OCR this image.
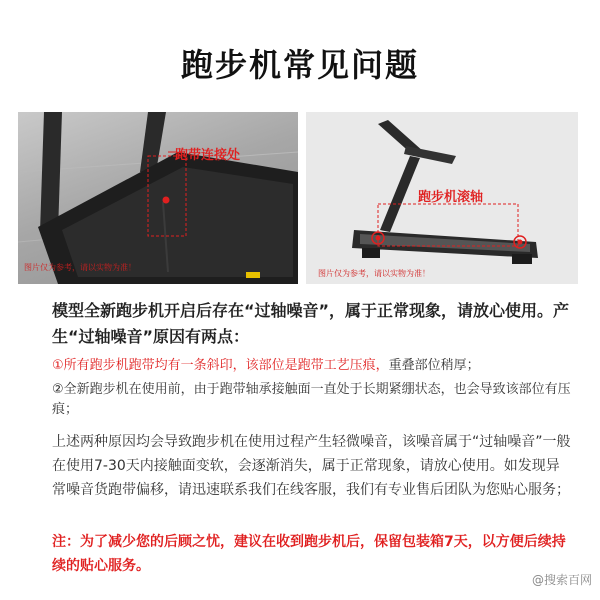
跑步机常见问题
跑带连接处
图片仅为参考，请以实物为准！
跑步机滚轴
图片仅为参考，请以实物为准！
模型全新跑步机开启后存在“过轴噪音”，属于正常现象，请放心使用。产生“过轴噪音”原因有两点：
①所有跑步机跑带均有一条斜印，该部位是跑带工艺压痕，重叠部位稍厚；
②全新跑步机在使用前，由于跑带轴承接触面一直处于长期紧绷状态，也会导致该部位有压痕；
上述两种原因均会导致跑步机在使用过程产生轻微噪音，该噪音属于“过轴噪音”一般在使用7-30天内接触面变软，会逐渐消失，属于正常现象，请放心使用。如发现异常噪音货跑带偏移，请迅速联系我们在线客服，我们有专业售后团队为您贴心服务；
注：为了减少您的后顾之忧，建议在收到跑步机后，保留包装箱7天，以方便后续持续的贴心服务。
@搜索百网
